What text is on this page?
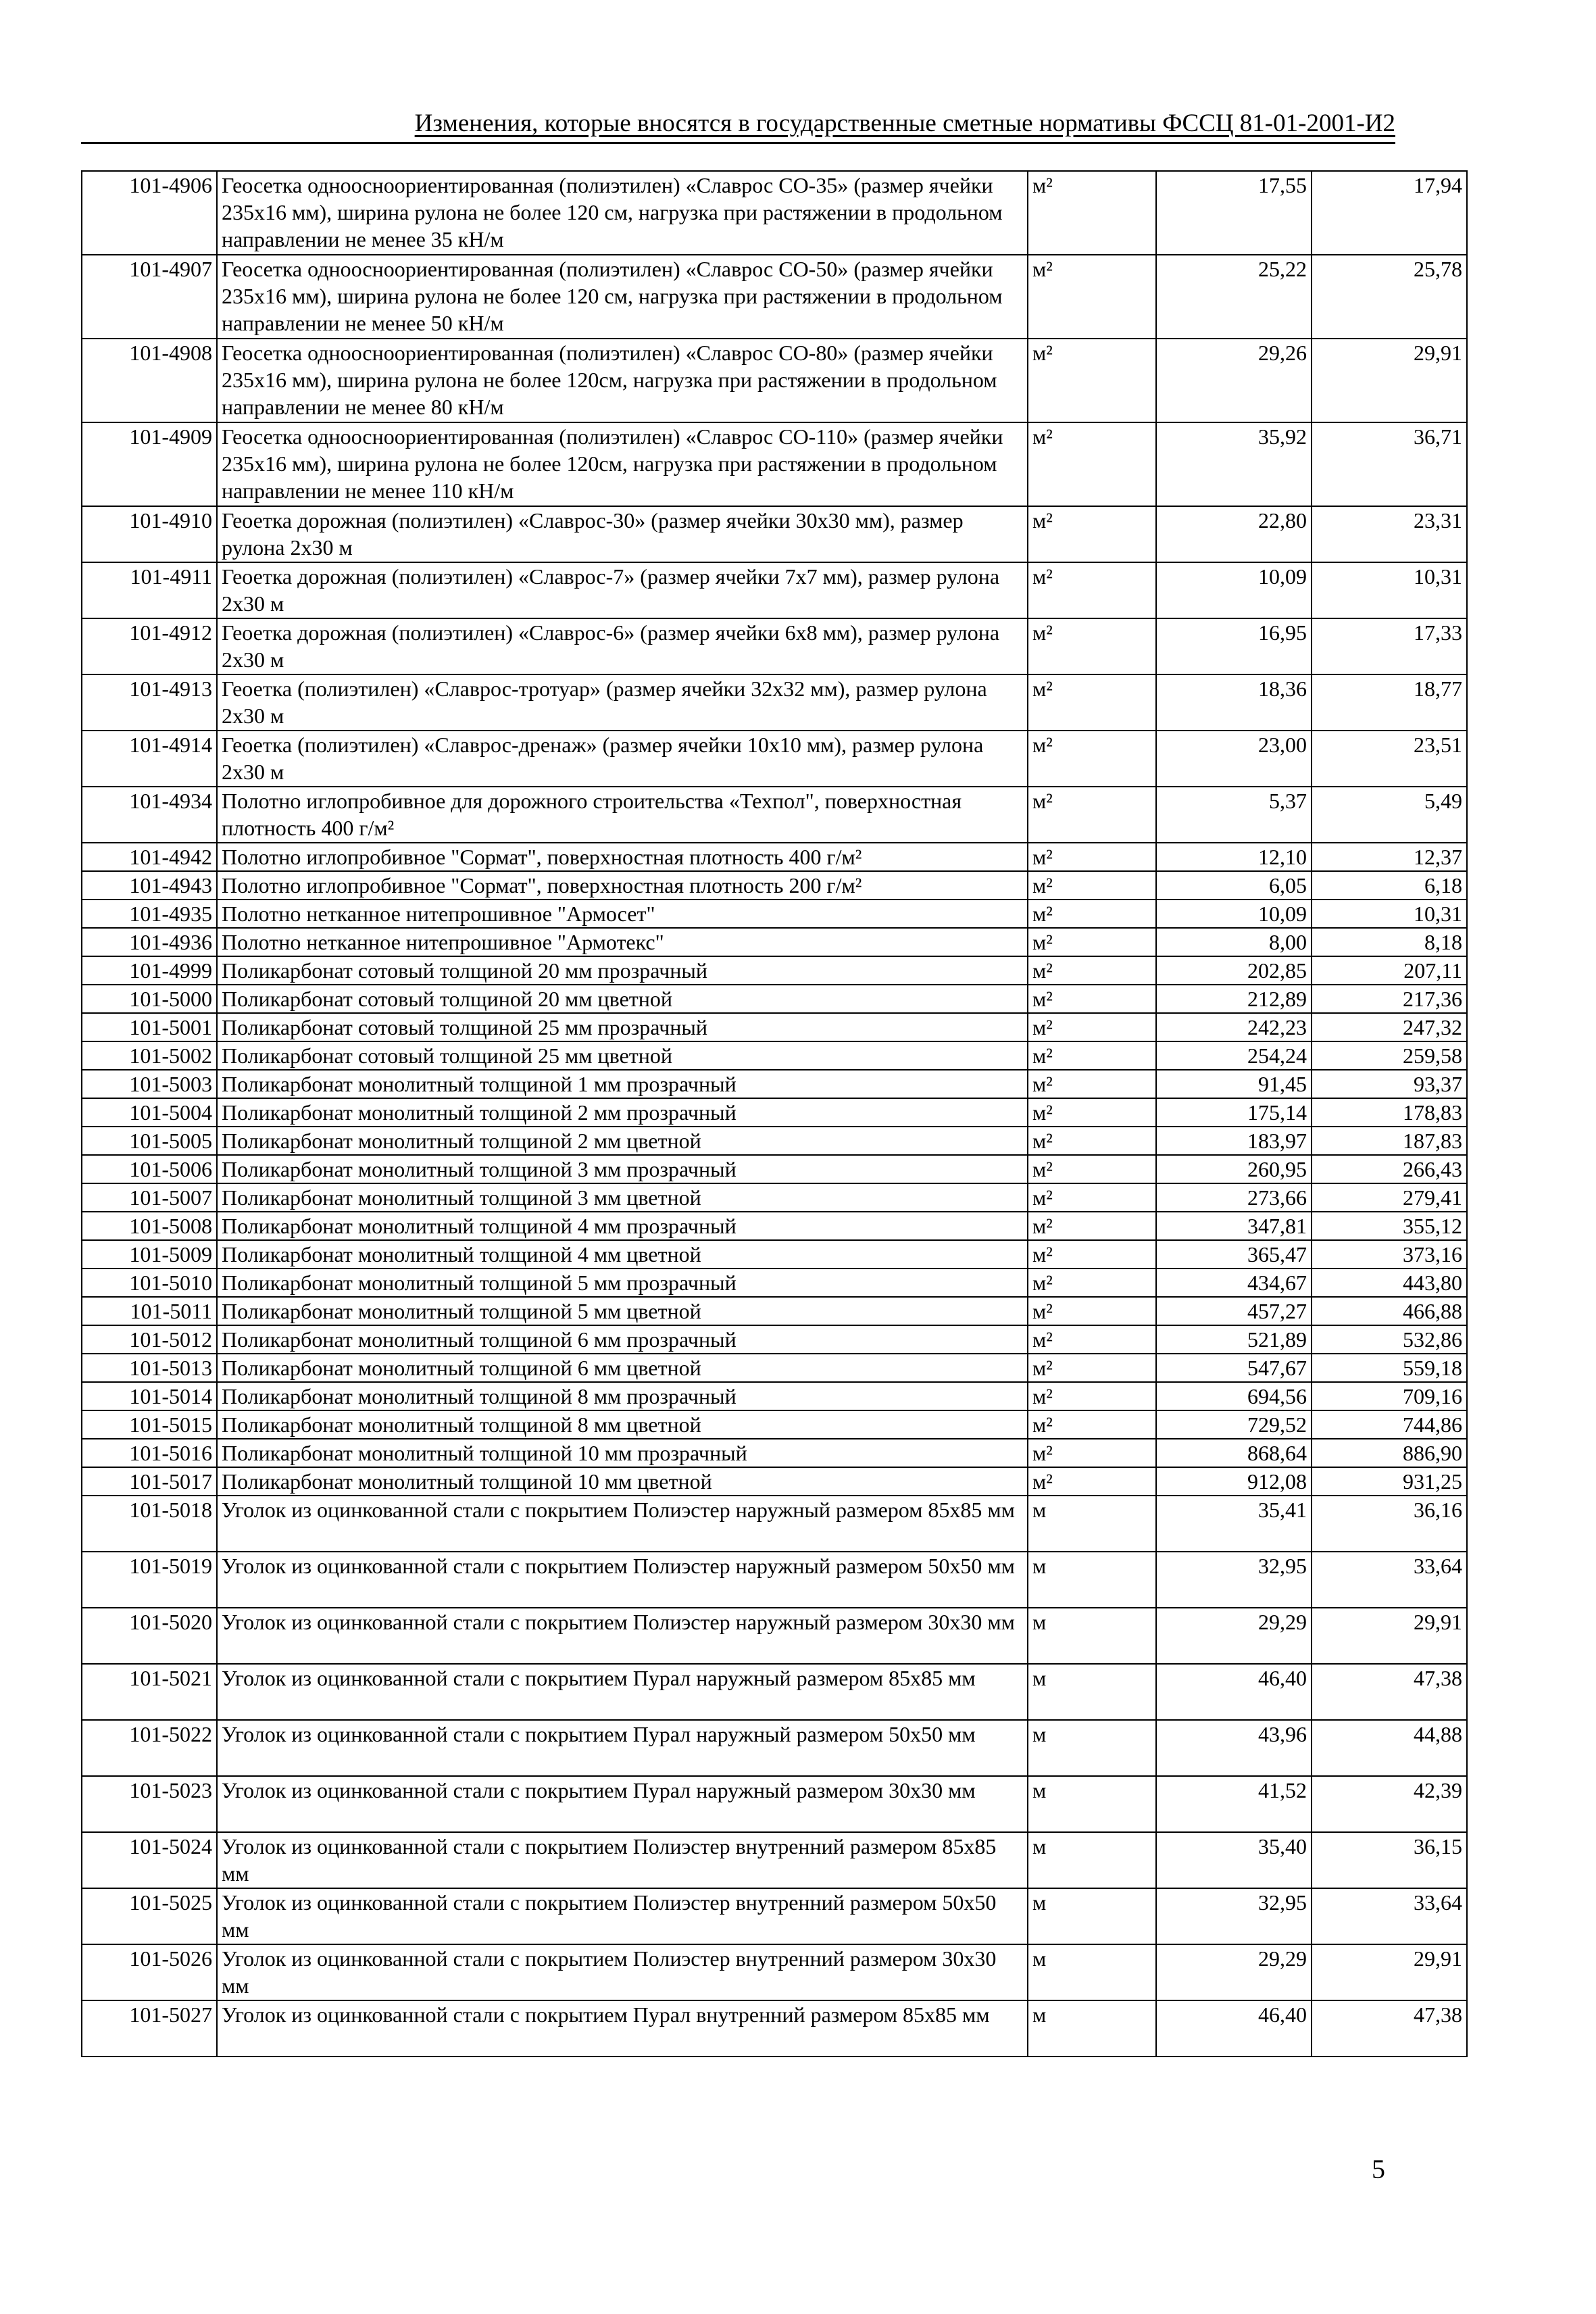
Изменения, которые вносятся в государственные сметные нормативы ФССЦ 81-01-2001-И2
101-4906	Геосетка одноосноориентированная (полиэтилен) «Славрос СО-35» (размер ячейки 235х16 мм), ширина рулона не более 120 см, нагрузка при растяжении в продольном направлении не менее 35 кН/м	м²	17,55	17,94
101-4907	Геосетка одноосноориентированная (полиэтилен) «Славрос СО-50» (размер ячейки 235х16 мм), ширина рулона не более 120 см, нагрузка при растяжении в продольном направлении не менее 50 кН/м	м²	25,22	25,78
101-4908	Геосетка одноосноориентированная (полиэтилен) «Славрос СО-80» (размер ячейки 235х16 мм), ширина рулона не более 120см, нагрузка при растяжении в продольном направлении не менее 80 кН/м	м²	29,26	29,91
101-4909	Геосетка одноосноориентированная (полиэтилен) «Славрос СО-110» (размер ячейки 235х16 мм), ширина рулона не более 120см, нагрузка при растяжении в продольном направлении не менее 110 кН/м	м²	35,92	36,71
101-4910	Геоетка дорожная (полиэтилен) «Славрос-30» (размер ячейки 30х30 мм), размер рулона 2х30 м	м²	22,80	23,31
101-4911	Геоетка дорожная (полиэтилен) «Славрос-7» (размер ячейки 7х7 мм), размер рулона 2х30 м	м²	10,09	10,31
101-4912	Геоетка дорожная (полиэтилен) «Славрос-6» (размер ячейки 6х8 мм), размер рулона 2х30 м	м²	16,95	17,33
101-4913	Геоетка (полиэтилен) «Славрос-тротуар» (размер ячейки 32х32 мм), размер рулона 2х30 м	м²	18,36	18,77
101-4914	Геоетка (полиэтилен) «Славрос-дренаж» (размер ячейки 10х10 мм), размер рулона 2х30 м	м²	23,00	23,51
101-4934	Полотно иглопробивное для дорожного строительства «Техпол", поверхностная плотность 400 г/м²	м²	5,37	5,49
101-4942	Полотно иглопробивное "Сормат", поверхностная плотность 400 г/м²	м²	12,10	12,37
101-4943	Полотно иглопробивное "Сормат", поверхностная плотность 200 г/м²	м²	6,05	6,18
101-4935	Полотно нетканное нитепрошивное "Армосет"	м²	10,09	10,31
101-4936	Полотно нетканное нитепрошивное "Армотекс"	м²	8,00	8,18
101-4999	Поликарбонат сотовый толщиной 20 мм прозрачный	м²	202,85	207,11
101-5000	Поликарбонат сотовый толщиной 20 мм цветной	м²	212,89	217,36
101-5001	Поликарбонат сотовый толщиной 25 мм прозрачный	м²	242,23	247,32
101-5002	Поликарбонат сотовый толщиной 25 мм цветной	м²	254,24	259,58
101-5003	Поликарбонат монолитный толщиной 1 мм прозрачный	м²	91,45	93,37
101-5004	Поликарбонат монолитный толщиной 2 мм прозрачный	м²	175,14	178,83
101-5005	Поликарбонат монолитный толщиной 2 мм цветной	м²	183,97	187,83
101-5006	Поликарбонат монолитный толщиной 3 мм прозрачный	м²	260,95	266,43
101-5007	Поликарбонат монолитный толщиной 3 мм цветной	м²	273,66	279,41
101-5008	Поликарбонат монолитный толщиной 4 мм прозрачный	м²	347,81	355,12
101-5009	Поликарбонат монолитный толщиной 4 мм цветной	м²	365,47	373,16
101-5010	Поликарбонат монолитный толщиной 5 мм прозрачный	м²	434,67	443,80
101-5011	Поликарбонат монолитный толщиной 5 мм цветной	м²	457,27	466,88
101-5012	Поликарбонат монолитный толщиной 6 мм прозрачный	м²	521,89	532,86
101-5013	Поликарбонат монолитный толщиной 6 мм цветной	м²	547,67	559,18
101-5014	Поликарбонат монолитный толщиной 8 мм прозрачный	м²	694,56	709,16
101-5015	Поликарбонат монолитный толщиной 8 мм цветной	м²	729,52	744,86
101-5016	Поликарбонат монолитный толщиной 10 мм прозрачный	м²	868,64	886,90
101-5017	Поликарбонат монолитный толщиной 10 мм цветной	м²	912,08	931,25
101-5018	Уголок из оцинкованной стали с покрытием Полиэстер наружный размером 85х85 мм	м	35,41	36,16
101-5019	Уголок из оцинкованной стали с покрытием Полиэстер наружный размером 50х50 мм	м	32,95	33,64
101-5020	Уголок из оцинкованной стали с покрытием Полиэстер наружный размером 30х30 мм	м	29,29	29,91
101-5021	Уголок из оцинкованной стали с покрытием Пурал наружный размером 85х85 мм	м	46,40	47,38
101-5022	Уголок из оцинкованной стали с покрытием Пурал наружный размером 50х50 мм	м	43,96	44,88
101-5023	Уголок из оцинкованной стали с покрытием Пурал наружный размером 30х30 мм	м	41,52	42,39
101-5024	Уголок из оцинкованной стали с покрытием Полиэстер внутренний размером 85х85 мм	м	35,40	36,15
101-5025	Уголок из оцинкованной стали с покрытием Полиэстер внутренний размером 50х50 мм	м	32,95	33,64
101-5026	Уголок из оцинкованной стали с покрытием Полиэстер внутренний размером 30х30 мм	м	29,29	29,91
101-5027	Уголок из оцинкованной стали с покрытием Пурал внутренний размером 85х85 мм	м	46,40	47,38
5
